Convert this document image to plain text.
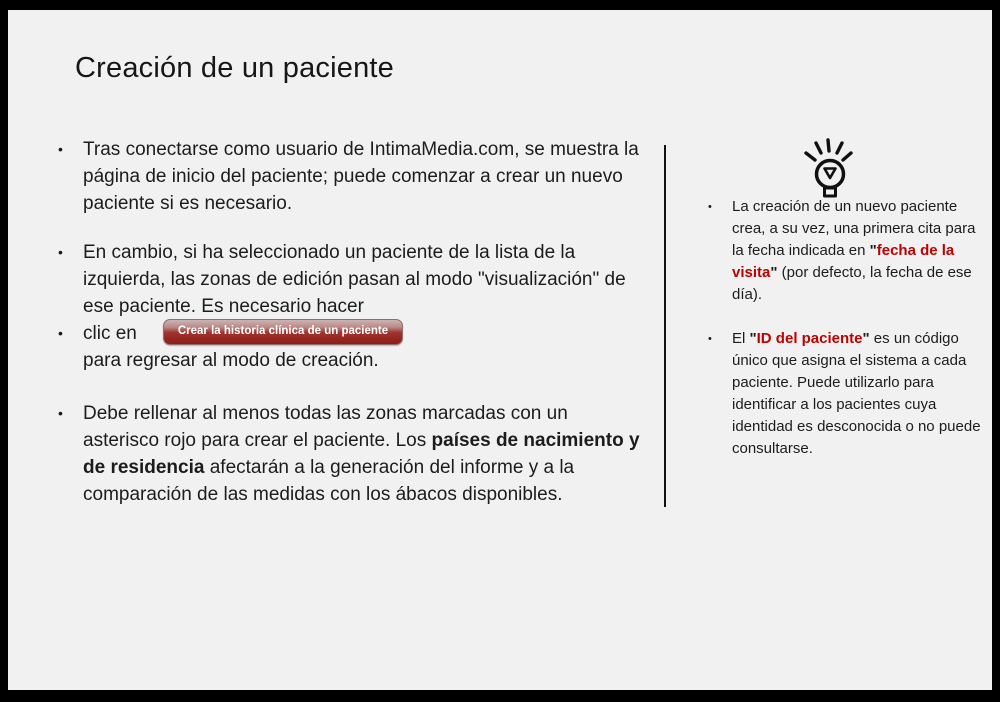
Creación de un paciente
•	Tras conectarse como usuario de IntimaMedia.com, se muestra la página de inicio del paciente; puede comenzar a crear un nuevo paciente si es necesario.
•	En cambio, si ha seleccionado un paciente de la lista de la izquierda, las zonas de edición pasan al modo "visualización" de ese paciente. Es necesario hacer
•	clic en	Crear la historia clínica de un paciente
para regresar al modo de creación.
•	Debe rellenar al menos todas las zonas marcadas con un asterisco rojo para crear el paciente. Los países de nacimiento y de residencia afectarán a la generación del informe y a la comparación de las medidas con los ábacos disponibles.
•	La creación de un nuevo paciente crea, a su vez, una primera cita para la fecha indicada en "fecha de la visita" (por defecto, la fecha de ese día).
•	El "ID del paciente" es un código único que asigna el sistema a cada paciente. Puede utilizarlo para identificar a los pacientes cuya identidad es desconocida o no puede consultarse.
